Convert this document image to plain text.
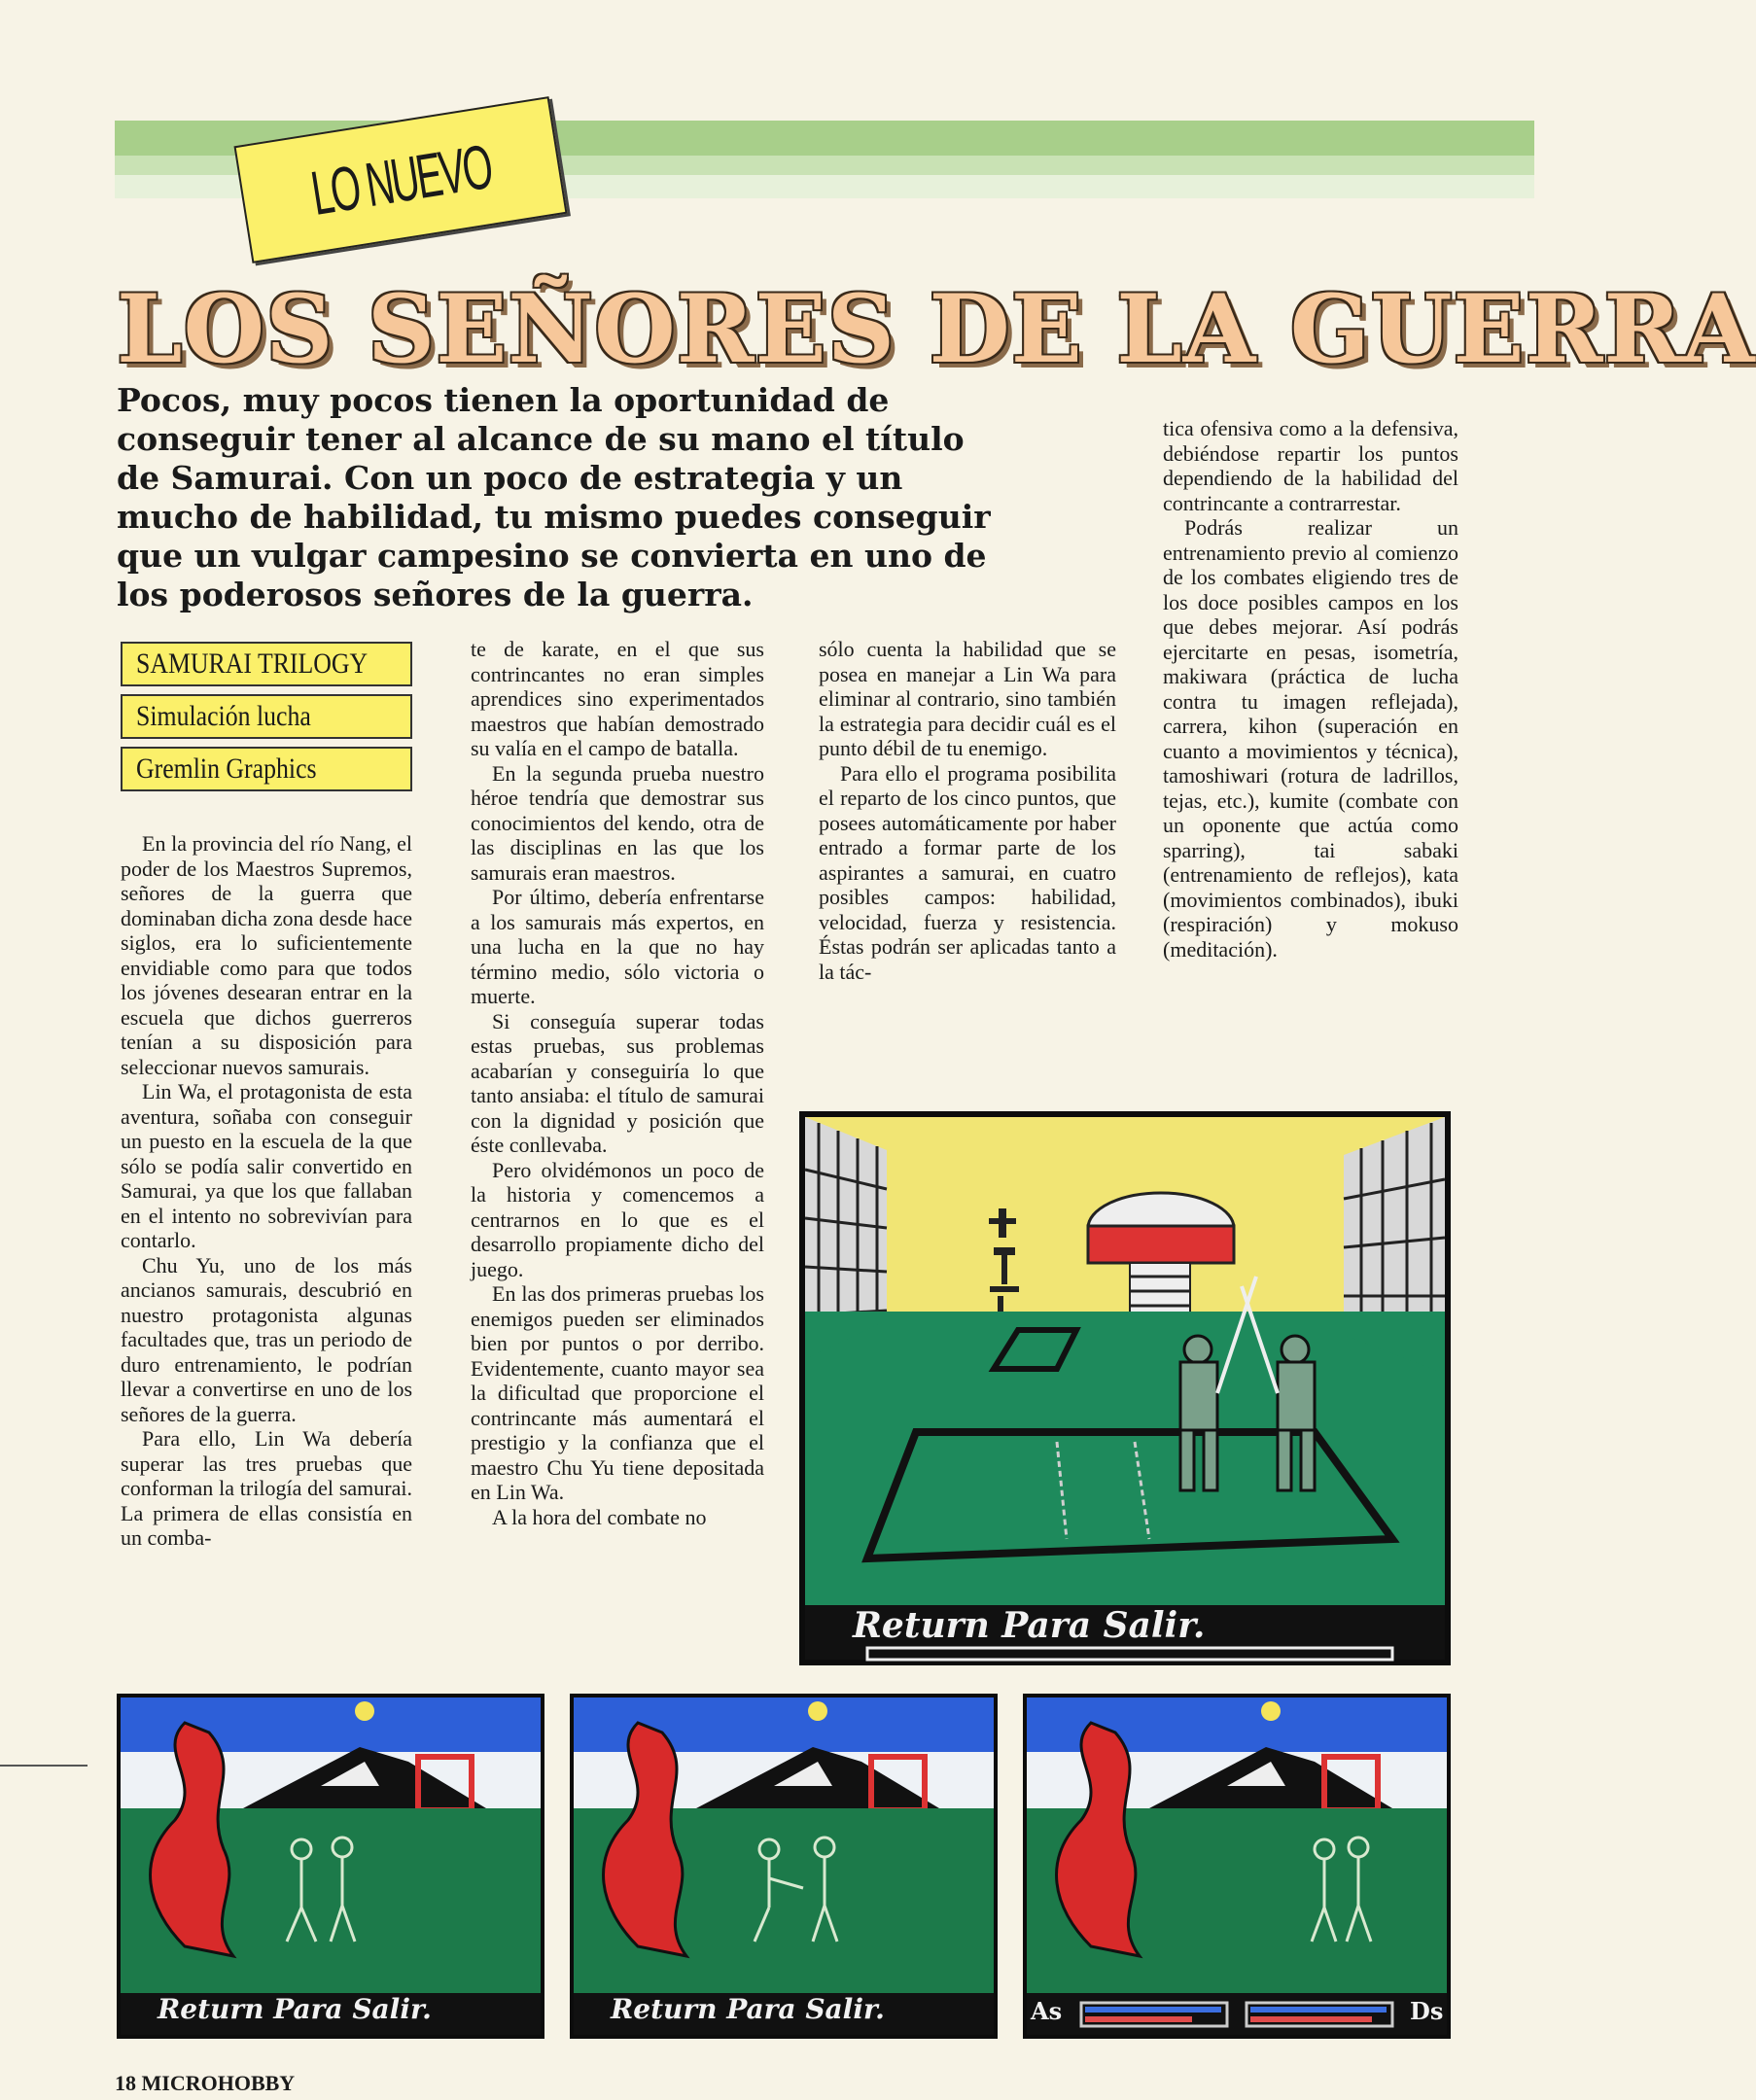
LO NUEVO
LOS SEÑORES DE LA GUERRA
Pocos, muy pocos tienen la oportunidad de conseguir tener al alcance de su mano el título de Samurai. Con un poco de estrategia y un mucho de habilidad, tu mismo puedes conseguir que un vulgar campesino se convierta en uno de los poderosos señores de la guerra.
SAMURAI TRILOGY
Simulación lucha
Gremlin Graphics

En la provincia del río Nang, el poder de los Maestros Supremos, señores de la guerra que dominaban dicha zona desde hace siglos, era lo suficientemente envidiable como para que todos los jóvenes desearan entrar en la escuela que dichos guerreros tenían a su disposición para seleccionar nuevos samurais.

Lin Wa, el protagonista de esta aventura, soñaba con conseguir un puesto en la escuela de la que sólo se podía salir convertido en Samurai, ya que los que fallaban en el intento no sobrevivían para contarlo.

Chu Yu, uno de los más ancianos samurais, descubrió en nuestro protagonista algunas facultades que, tras un periodo de duro entrenamiento, le podrían llevar a convertirse en uno de los señores de la guerra.

Para ello, Lin Wa debería superar las tres pruebas que conforman la trilogía del samurai. La primera de ellas consistía en un comba-

te de karate, en el que sus contrincantes no eran simples aprendices sino experimentados maestros que habían demostrado su valía en el campo de batalla.

En la segunda prueba nuestro héroe tendría que demostrar sus conocimientos del kendo, otra de las disciplinas en las que los samurais eran maestros.

Por último, debería enfrentarse a los samurais más expertos, en una lucha en la que no hay término medio, sólo victoria o muerte.

Si conseguía superar todas estas pruebas, sus problemas acabarían y conseguiría lo que tanto ansiaba: el título de samurai con la dignidad y posición que éste conllevaba.

Pero olvidémonos un poco de la historia y comencemos a centrarnos en lo que es el desarrollo propiamente dicho del juego.

En las dos primeras pruebas los enemigos pueden ser eliminados bien por puntos o por derribo. Evidentemente, cuanto mayor sea la dificultad que proporcione el contrincante más aumentará el prestigio y la confianza que el maestro Chu Yu tiene depositada en Lin Wa.

A la hora del combate no

sólo cuenta la habilidad que se posea en manejar a Lin Wa para eliminar al contrario, sino también la estrategia para decidir cuál es el punto débil de tu enemigo.

Para ello el programa posibilita el reparto de los cinco puntos, que posees automáticamente por haber entrado a formar parte de los aspirantes a samurai, en cuatro posibles campos: habilidad, velocidad, fuerza y resistencia. Éstas podrán ser aplicadas tanto a la tác-

tica ofensiva como a la defensiva, debiéndose repartir los puntos dependiendo de la habilidad del contrincante a contrarrestar.

Podrás realizar un entrenamiento previo al comienzo de los combates eligiendo tres de los doce posibles campos en los que debes mejorar. Así podrás ejercitarte en pesas, isometría, makiwara (práctica de lucha contra tu imagen reflejada), carrera, kihon (superación en cuanto a movimientos y técnica), tamoshiwari (rotura de ladrillos, tejas, etc.), kumite (combate con un oponente que actúa como sparring), tai sabaki (entrenamiento de reflejos), kata (movimientos combinados), ibuki (respiración) y mokuso (meditación).

Return Para Salir.
Return Para Salir.	Return Para Salir.	As	Ds
18 MICROHOBBY
